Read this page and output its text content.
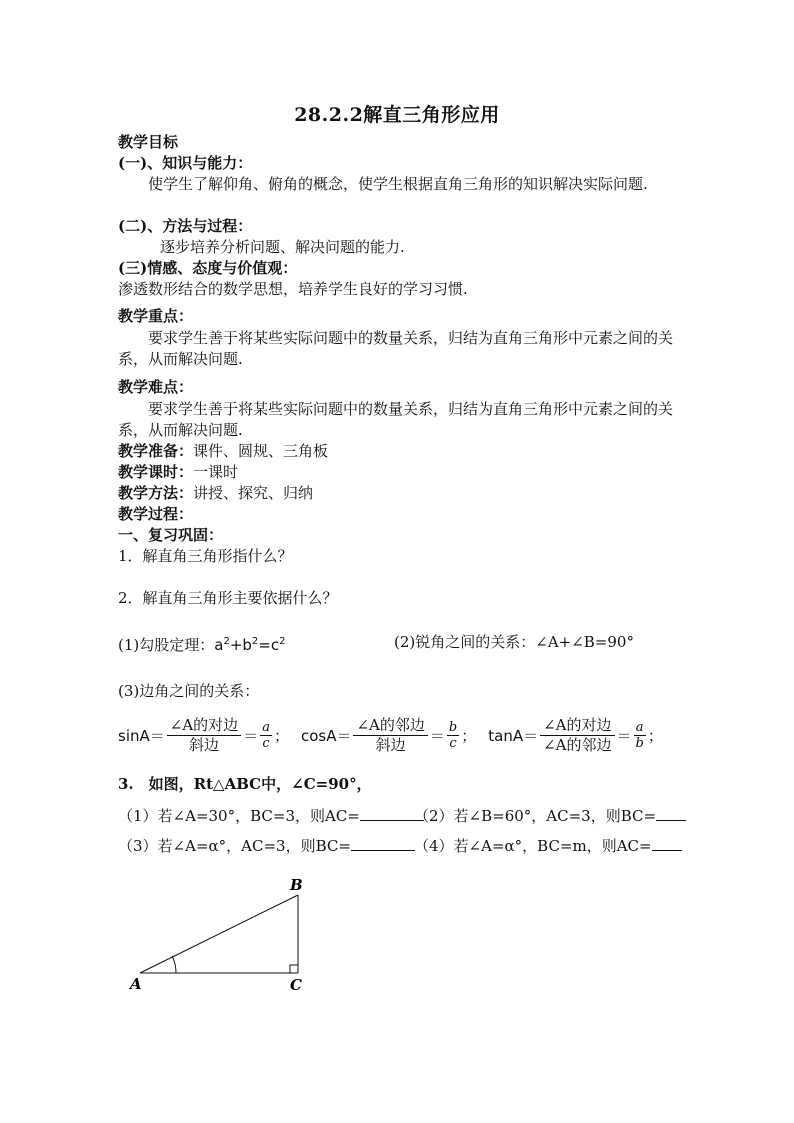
28.2.2解直三角形应用
教学目标
(一)、知识与能力：
使学生了解仰角、俯角的概念，使学生根据直角三角形的知识解决实际问题.
(二)、方法与过程：
逐步培养分析问题、解决问题的能力.
(三)情感、态度与价值观：
渗透数形结合的数学思想，培养学生良好的学习习惯.
教学重点：
要求学生善于将某些实际问题中的数量关系，归结为直角三角形中元素之间的关系，从而解决问题.
教学难点：
要求学生善于将某些实际问题中的数量关系，归结为直角三角形中元素之间的关系，从而解决问题.
教学准备：课件、圆规、三角板
教学课时：一课时
教学方法：讲授、探究、归纳
教学过程：
一、复习巩固：
1．解直角三角形指什么？
2．解直角三角形主要依据什么？
(1)勾股定理：$a^2+b^2=c^2$	(2)锐角之间的关系：∠A+∠B=90°
(3)边角之间的关系：
$\sin A= \frac{\text{∠A的对边}}{\text{斜边}} = \frac{a}{c}$ ； $\cos A= \frac{\text{∠A的邻边}}{\text{斜边}} = \frac{b}{c}$ ； $\tan A= \frac{\text{∠A的对边}}{\text{∠A的邻边}} = \frac{a}{b}$ ；
3.　如图，Rt△ABC中，∠C=90°，
（1）若∠A=30°，BC=3，则AC=	（2）若∠B=60°，AC=3，则BC=
（3）若∠A=α°，AC=3，则BC=	（4）若∠A=α°，BC=m，则AC=
A
B
C
